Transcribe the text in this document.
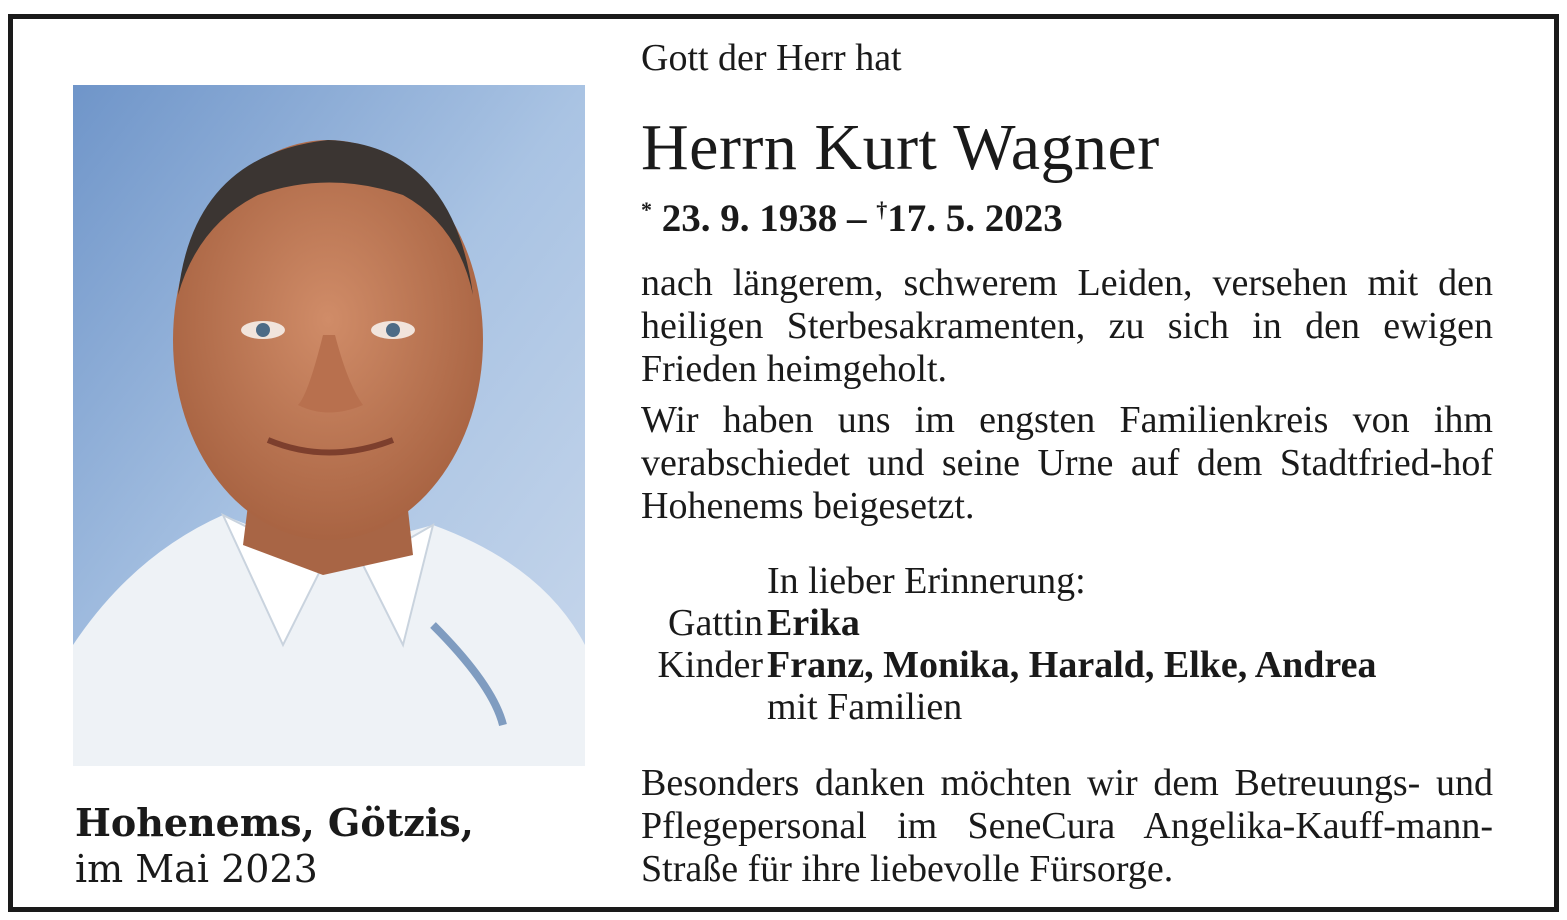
Hohenems, Götzis,
im Mai 2023
Gott der Herr hat
Herrn Kurt Wagner
* 23. 9. 1938 – †17. 5. 2023
nach längerem, schwerem Leiden, versehen mit den heiligen Sterbesakramenten, zu sich in den ewigen Frieden heimgeholt.
Wir haben uns im engsten Familienkreis von ihm verabschiedet und seine Urne auf dem Stadtfried-hof Hohenems beigesetzt.
In lieber Erinnerung:
Gattin Erika
Kinder Franz, Monika, Harald, Elke, Andrea
mit Familien
Besonders danken möchten wir dem Betreuungs- und Pflegepersonal im SeneCura Angelika-Kauff-mann-Straße für ihre liebevolle Fürsorge.
